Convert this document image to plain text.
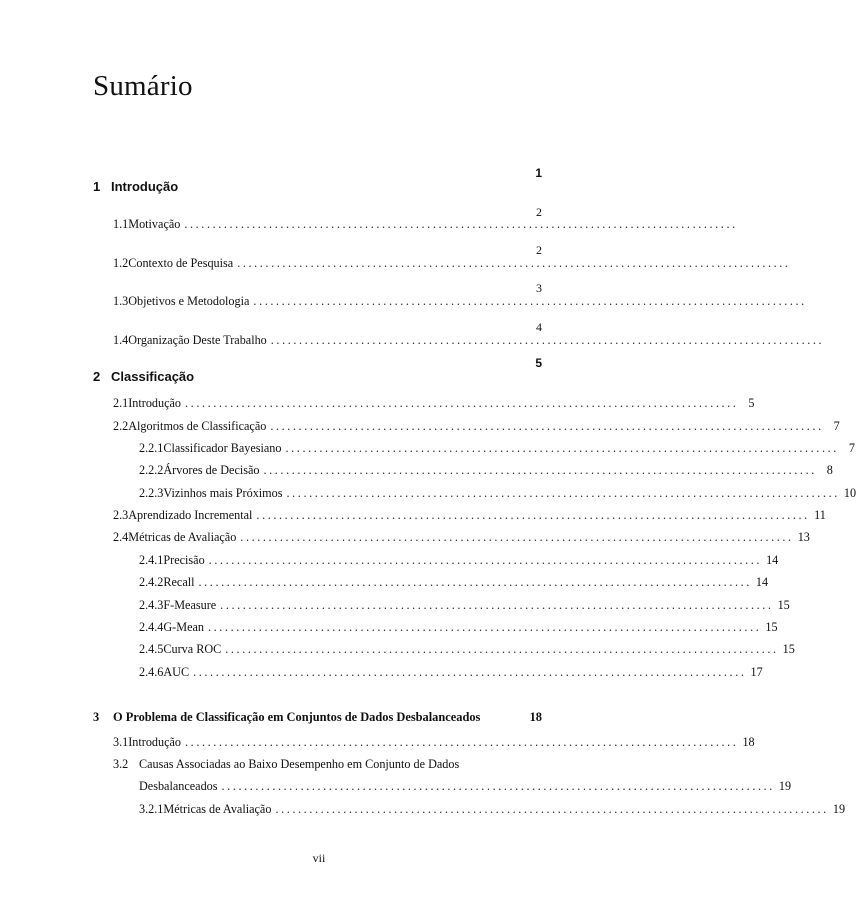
Sumário
1
1 Introdução
2
1.1 Motivação ..................................................................................................
2
1.2 Contexto de Pesquisa ..................................................................................................
3
1.3 Objetivos e Metodologia ..................................................................................................
4
1.4 Organização Deste Trabalho ..................................................................................................
5
2 Classificação
2.1 Introdução .................................................................................................. 5
2.2 Algoritmos de Classificação .................................................................................................. 7
2.2.1 Classificador Bayesiano .................................................................................................. 7
2.2.2 Árvores de Decisão .................................................................................................. 8
2.2.3 Vizinhos mais Próximos .................................................................................................. 10
2.3 Aprendizado Incremental .................................................................................................. 11
2.4 Métricas de Avaliação .................................................................................................. 13
2.4.1 Precisão .................................................................................................. 14
2.4.2 Recall .................................................................................................. 14
2.4.3 F-Measure .................................................................................................. 15
2.4.4 G-Mean .................................................................................................. 15
2.4.5 Curva ROC .................................................................................................. 15
2.4.6 AUC .................................................................................................. 17
3	O Problema de Classificação em Conjuntos de Dados Desbalanceados	18
3.1 Introdução .................................................................................................. 18
3.2 Causas Associadas ao Baixo Desempenho em Conjunto de Dados
Desbalanceados .................................................................................................. 19
3.2.1 Métricas de Avaliação .................................................................................................. 19
vii
